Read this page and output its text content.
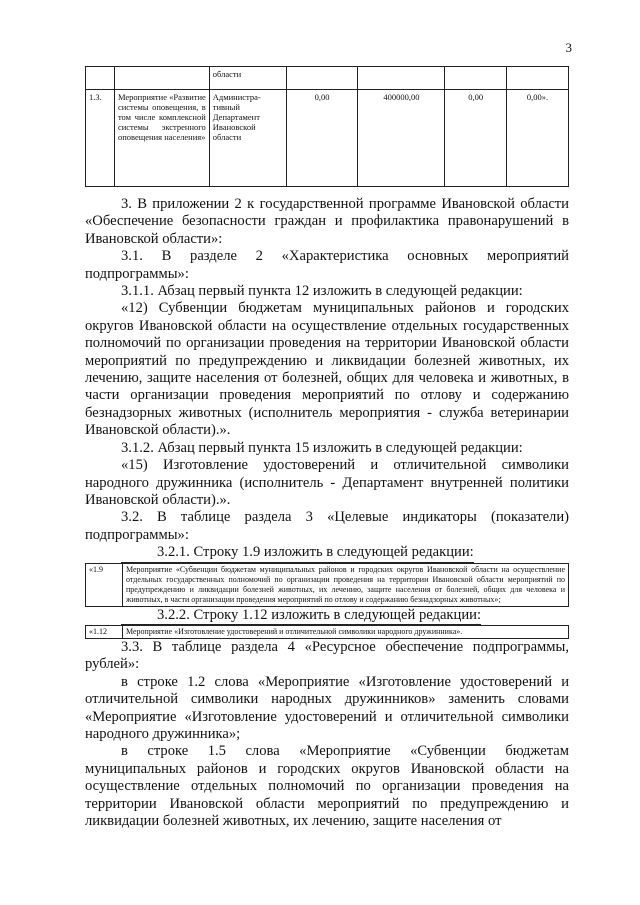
3
		области				
1.3.	Мероприятие «Развитие системы оповещения, в том числе комплексной системы экстренного оповещения населения»	Администра-тивный Департамент Ивановской области	0,00	400000,00	0,00	0,00».

3. В приложении 2 к государственной программе Ивановской области «Обеспечение безопасности граждан и профилактика правонарушений в Ивановской области»:

3.1. В разделе 2 «Характеристика основных мероприятий подпрограммы»:

3.1.1. Абзац первый пункта 12 изложить в следующей редакции:

«12) Субвенции бюджетам муниципальных районов и городских округов Ивановской области на осуществление отдельных государственных полномочий по организации проведения на территории Ивановской области мероприятий по предупреждению и ликвидации болезней животных, их лечению, защите населения от болезней, общих для человека и животных, в части организации проведения мероприятий по отлову и содержанию безнадзорных животных (исполнитель мероприятия - служба ветеринарии Ивановской области).».

3.1.2. Абзац первый пункта 15 изложить в следующей редакции:

«15) Изготовление удостоверений и отличительной символики народного дружинника (исполнитель - Департамент внутренней политики Ивановской области).».

3.2. В таблице раздела 3 «Целевые индикаторы (показатели) подпрограммы»:

3.2.1. Строку 1.9 изложить в следующей редакции:

«1.9	Мероприятие «Субвенции бюджетам муниципальных районов и городских округов Ивановской области на осуществление отдельных государственных полномочий по организации проведения на территории Ивановской области мероприятий по предупреждению и ликвидации болезней животных, их лечению, защите населения от болезней, общих для человека и животных, в части организации проведения мероприятий по отлову и содержанию безнадзорных животных»;

3.2.2. Строку 1.12 изложить в следующей редакции:

«1.12	Мероприятие «Изготовление удостоверений и отличительной символики народного дружинника».

3.3. В таблице раздела 4 «Ресурсное обеспечение подпрограммы, рублей»:

в строке 1.2 слова «Мероприятие «Изготовление удостоверений и отличительной символики народных дружинников» заменить словами «Мероприятие «Изготовление удостоверений и отличительной символики народного дружинника»;

в строке 1.5 слова «Мероприятие «Субвенции бюджетам муниципальных районов и городских округов Ивановской области на осуществление отдельных полномочий по организации проведения на территории Ивановской области мероприятий по предупреждению и ликвидации болезней животных, их лечению, защите населения от
